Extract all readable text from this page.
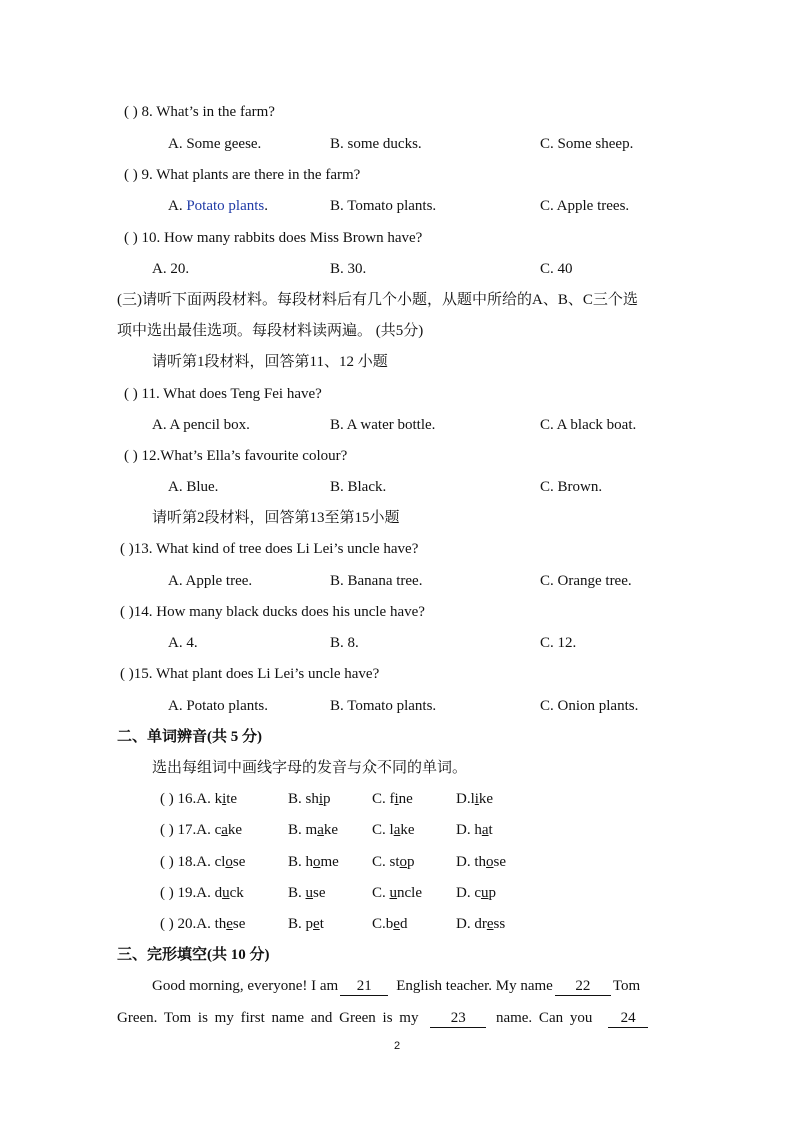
( ) 8. What’s in the farm?
A. Some geese.	B. some ducks.	C. Some sheep.
( ) 9. What plants are there in the farm?
A. Potato plants.	B. Tomato plants.	C. Apple trees.
( ) 10. How many rabbits does Miss Brown have?
A. 20.	B. 30.	C. 40
(三)请听下面两段材料。每段材料后有几个小题，从题中所给的A、B、C三个选
项中选出最佳选项。每段材料读两遍。 (共5分)
请听第1段材料，回答第11、12 小题
( ) 11. What does Teng Fei have?
A. A pencil box.	B. A water bottle.	C. A black boat.
( ) 12.What’s Ella’s favourite colour?
A. Blue.	B. Black.	C. Brown.
请听第2段材料，回答第13至第15小题
( )13. What kind of tree does Li Lei’s uncle have?
A. Apple tree.	B. Banana tree.	C. Orange tree.
( )14. How many black ducks does his uncle have?
A. 4.	B. 8.	C. 12.
( )15. What plant does Li Lei’s uncle have?
A. Potato plants.	B. Tomato plants.	C. Onion plants.
二、单词辨音(共 5 分)
选出每组词中画线字母的发音与众不同的单词。
( ) 16.A. kite	B. ship	C. fine	D.like
( ) 17.A. cake	B. make C. lake	D. hat
( ) 18.A. close	B. home C. stop	D. those
( ) 19.A. duck	B. use	C. uncle D. cup
( ) 20.A. these	B. pet	C.bed	D. dress
三、完形填空(共 10 分)
Good morning, everyone! I am 21 English teacher. My name 22 Tom
Green. Tom is my first name and Green is my 23 name. Can you 24
2
